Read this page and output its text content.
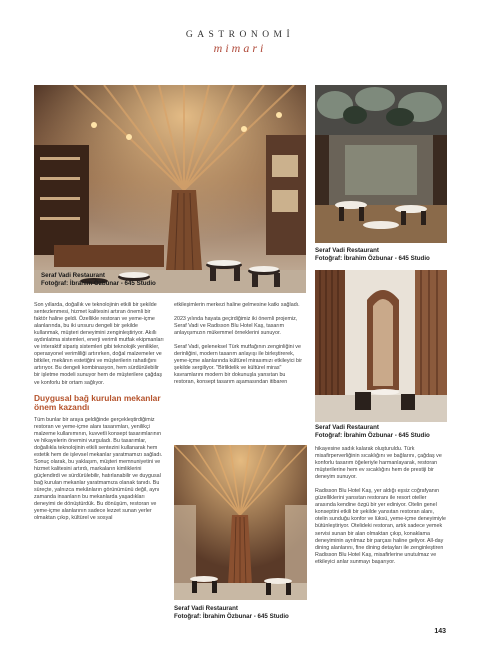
GASTRONOMİ
mimari
Seraf Vadi Restaurant
Fotoğraf: İbrahim Özbunar - 645 Studio
Seraf Vadi Restaurant
Fotoğraf: İbrahim Özbunar - 645 Studio
Seraf Vadi Restaurant
Fotoğraf: İbrahim Özbunar - 645 Studio
Seraf Vadi Restaurant
Fotoğraf: İbrahim Özbunar - 645 Studio

Son yıllarda, doğallık ve teknolojinin etkili bir şekilde sentezlenmesi, hizmet kalitesini artıran önemli bir faktör haline geldi. Özellikle restoran ve yeme-içme alanlarında, bu iki unsuru dengeli bir şekilde kullanmak, müşteri deneyimini zenginleştiriyor. Akıllı aydınlatma sistemleri, enerji verimli mutfak ekipmanları ve interaktif sipariş sistemleri gibi teknolojik yenilikler, operasyonel verimliliği artırırken, doğal malzemeler ve bitkiler, mekânın estetiğini ve müşterilerin rahatlığını artırıyor. Bu dengeli kombinasyon, hem sürdürülebilir bir işletme modeli sunuyor hem de müşterilere çağdaş ve konforlu bir ortam sağlıyor.

Duygusal bağ kurulan mekanlar önem kazandı

Tüm bunlar bir araya geldiğinde gerçekleştirdiğimiz restoran ve yeme-içme alanı tasarımları, yenilikçi malzeme kullanımının, kuvvetli konsept tasarımlarının ve hikayelerin önemini vurguladı. Bu tasarımlar, doğallıkla teknolojinin etkili sentezini kullanarak hem estetik hem de işlevsel mekanlar yaratmamızı sağladı. Sonuç olarak, bu yaklaşım, müşteri memnuniyetini ve hizmet kalitesini artırdı, markaların kimliklerini güçlendirdi ve sürdürülebilir, hatırlanabilir ve duygusal bağ kurulan mekanlar yaratmamıza olanak tanıdı. Bu süreçte, yalnızca mekânların görünümünü değil, aynı zamanda insanların bu mekanlarda yaşadıkları deneyimi de dönüştürdük. Bu dönüşüm, restoran ve yeme-içme alanlarının sadece lezzet sunan yerler olmaktan çıkıp, kültürel ve sosyal

etkileşimlerin merkezi haline gelmesine katkı sağladı.

2023 yılında hayata geçirdiğimiz iki önemli projemiz, Seraf Vadi ve Radisson Blu Hotel Kaş, tasarım anlayışımızın mükemmel örneklerini sunuyor.

Seraf Vadi, geleneksel Türk mutfağının zenginliğini ve derinliğini, modern tasarım anlayışı ile birleştirerek, yeme-içme alanlarında kültürel mirasımızı etkileyici bir şekilde sergiliyor. "Birliktelik ve kültürel miras" kavramlarını modern bir dokunuşla yansıtan bu restoran, konsept tasarım aşamasından itibaren

hikayesine sadık kalarak oluşturuldu. Türk misafirperverliğinin sıcaklığını ve bağlarını, çağdaş ve konforlu tasarım öğeleriyle harmanlayarak, restoran müşterilerine hem ev sıcaklığını hem de prestiji bir deneyim sunuyor.

Radisson Blu Hotel Kaş, yer aldığı eşsiz coğrafyanın güzelliklerini yansıtan restoranı ile resort oteller arasında kendine özgü bir yer ediniyor. Otelin genel konseptini etkili bir şekilde yansıtan restoran alanı, otelin sunduğu konfor ve lüksü, yeme-içme deneyimiyle bütünleştiriyor. Otelideki restoran, artık sadece yemek servisi sunan bir alan olmaktan çıkıp, konaklama deneyiminin ayrılmaz bir parçası haline geliyor. All-day dining alanlarını, fine dining detayları ile zenginleştiren Radisson Blu Hotel Kaş, misafirlerine unutulmaz ve etkileyici anlar sunmayı başarıyor.

143
